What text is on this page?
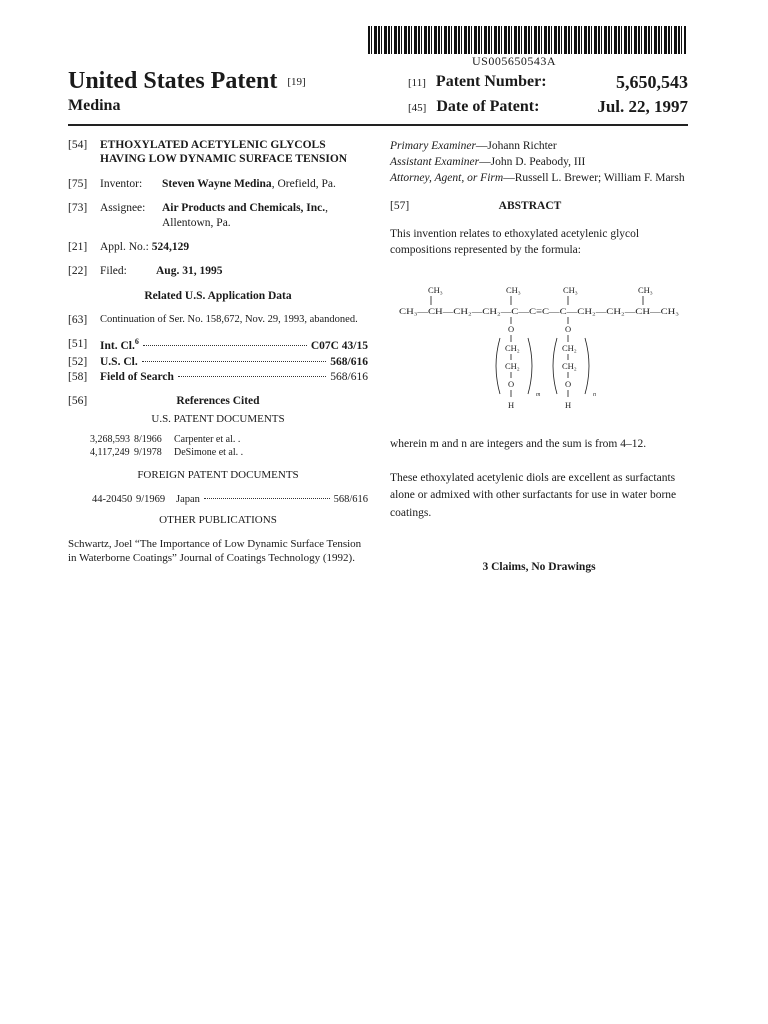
US005650543A
United States Patent [19]
Medina
[11] Patent Number:	5,650,543
[45] Date of Patent:	Jul. 22, 1997
[54]	ETHOXYLATED ACETYLENIC GLYCOLS HAVING LOW DYNAMIC SURFACE TENSION
[75]	Inventor: Steven Wayne Medina, Orefield, Pa.
[73]	Assignee:	Air Products and Chemicals, Inc., Allentown, Pa.
[21]	Appl. No.: 524,129
[22]	Filed:	Aug. 31, 1995
Related U.S. Application Data
[63]	Continuation of Ser. No. 158,672, Nov. 29, 1993, abandoned.
[51]	Int. Cl.$^6$	C07C 43/15
[52]	U.S. Cl.	568/616
[58]	Field of Search	568/616
[56]	References Cited
U.S. PATENT DOCUMENTS
3,268,593 8/1966	Carpenter et al. .
4,117,249 9/1978	DeSimone et al. .
FOREIGN PATENT DOCUMENTS
44-20450 9/1969	Japan	568/616
OTHER PUBLICATIONS
Schwartz, Joel “The Importance of Low Dynamic Surface Tension in Waterborne Coatings” Journal of Coatings Technology (1992).
Primary Examiner—Johann Richter
Assistant Examiner—John D. Peabody, III
Attorney, Agent, or Firm—Russell L. Brewer; William F. Marsh
[57]	ABSTRACT
This invention relates to ethoxylated acetylenic glycol compositions represented by the formula:
CH₃	CH₃	CH₃	CH₃
CH₃—CH—CH₂—CH₂—C—C≡C—C—CH₂—CH₂—CH—CH₃
O	O
CH₂	CH₂
CH₂	CH₂
O	O
m	n
H	H
wherein m and n are integers and the sum is from 4–12.
These ethoxylated acetylenic diols are excellent as surfactants alone or admixed with other surfactants for use in water borne coatings.
3 Claims, No Drawings
